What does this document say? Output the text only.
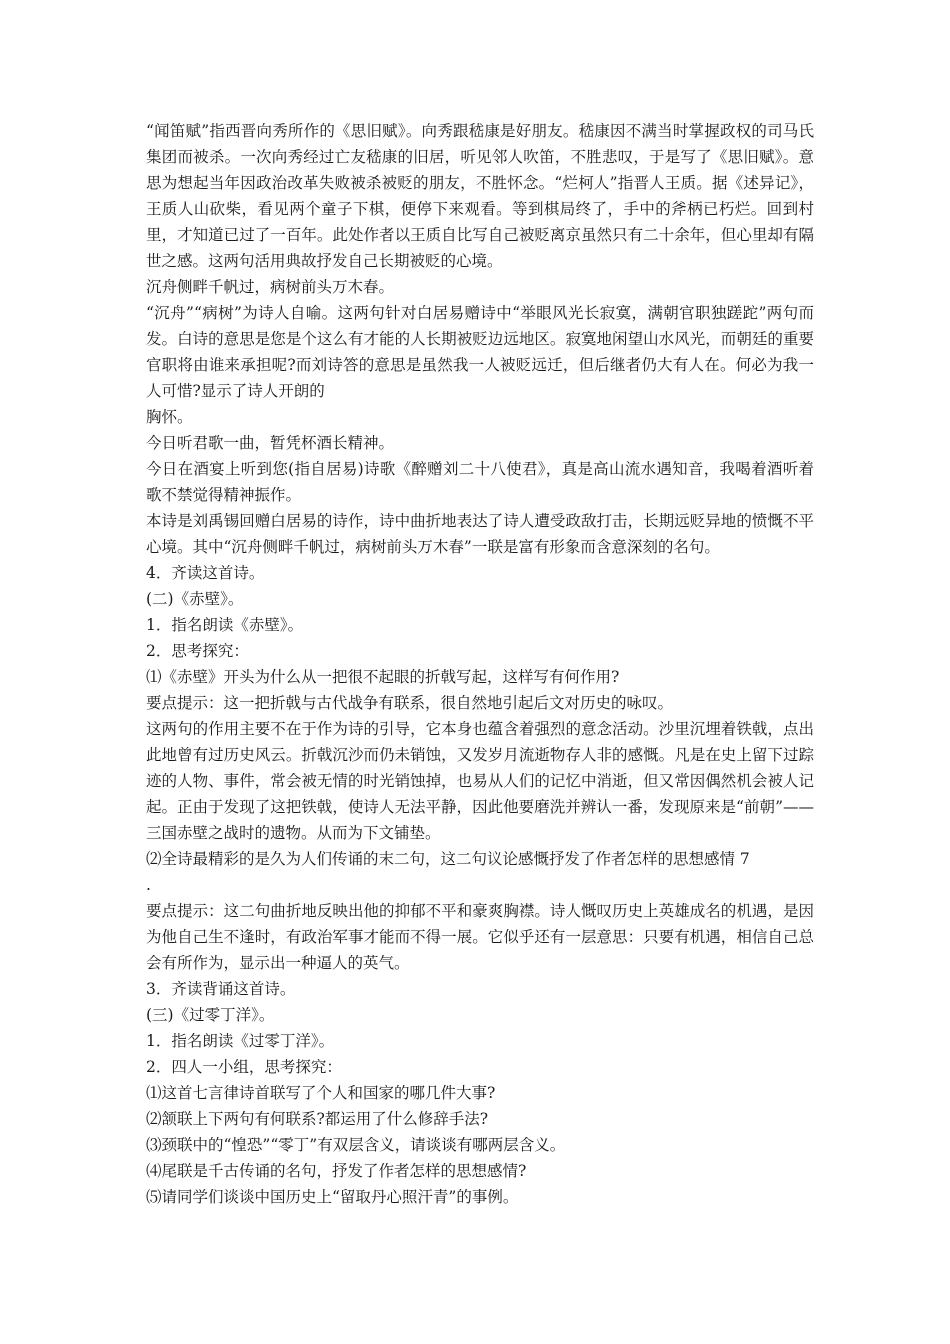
“闻笛赋”指西晋向秀所作的《思旧赋》。向秀跟嵇康是好朋友。嵇康因不满当时掌握政权的司马氏集团而被杀。一次向秀经过亡友嵇康的旧居，听见邻人吹笛，不胜悲叹，于是写了《思旧赋》。意思为想起当年因政治改革失败被杀被贬的朋友，不胜怀念。“烂柯人”指晋人王质。据《述异记》，王质人山砍柴，看见两个童子下棋，便停下来观看。等到棋局终了，手中的斧柄已朽烂。回到村里，才知道已过了一百年。此处作者以王质自比写自己被贬离京虽然只有二十余年，但心里却有隔世之感。这两句活用典故抒发自己长期被贬的心境。

沉舟侧畔千帆过，病树前头万木春。

“沉舟”“病树”为诗人自喻。这两句针对白居易赠诗中“举眼风光长寂寞，满朝官职独蹉跎”两句而发。白诗的意思是您是个这么有才能的人长期被贬边远地区。寂寞地闲望山水风光，而朝廷的重要官职将由谁来承担呢?而刘诗答的意思是虽然我一人被贬远迁，但后继者仍大有人在。何必为我一人可惜?显示了诗人开朗的

胸怀。

今日听君歌一曲，暂凭杯酒长精神。

今日在酒宴上听到您(指自居易)诗歌《醉赠刘二十八使君》，真是高山流水遇知音，我喝着酒听着歌不禁觉得精神振作。

本诗是刘禹锡回赠白居易的诗作，诗中曲折地表达了诗人遭受政敌打击，长期远贬异地的愤慨不平心境。其中“沉舟侧畔千帆过，病树前头万木春”一联是富有形象而含意深刻的名句。

4．齐读这首诗。

(二)《赤壁》。

1．指名朗读《赤壁》。

2．思考探究：

⑴《赤壁》开头为什么从一把很不起眼的折戟写起，这样写有何作用?

要点提示：这一把折戟与古代战争有联系，很自然地引起后文对历史的咏叹。

这两句的作用主要不在于作为诗的引导，它本身也蕴含着强烈的意念活动。沙里沉埋着铁戟，点出此地曾有过历史风云。折戟沉沙而仍未销蚀，又发岁月流逝物存人非的感慨。凡是在史上留下过踪迹的人物、事件，常会被无情的时光销蚀掉，也易从人们的记忆中消逝，但又常因偶然机会被人记起。正由于发现了这把铁戟，使诗人无法平静，因此他要磨洗并辨认一番，发现原来是“前朝”——三国赤壁之战时的遗物。从而为下文铺垫。

⑵全诗最精彩的是久为人们传诵的末二句，这二句议论感慨抒发了作者怎样的思想感情 7

.

要点提示：这二句曲折地反映出他的抑郁不平和豪爽胸襟。诗人慨叹历史上英雄成名的机遇，是因为他自己生不逢时，有政治军事才能而不得一展。它似乎还有一层意思：只要有机遇，相信自己总会有所作为，显示出一种逼人的英气。

3．齐读背诵这首诗。

(三)《过零丁洋》。

1．指名朗读《过零丁洋》。

2．四人一小组，思考探究：

⑴这首七言律诗首联写了个人和国家的哪几件大事?

⑵颔联上下两句有何联系?都运用了什么修辞手法?

⑶颈联中的“惶恐”“零丁”有双层含义，请谈谈有哪两层含义。

⑷尾联是千古传诵的名句，抒发了作者怎样的思想感情?

⑸请同学们谈谈中国历史上“留取丹心照汗青”的事例。
